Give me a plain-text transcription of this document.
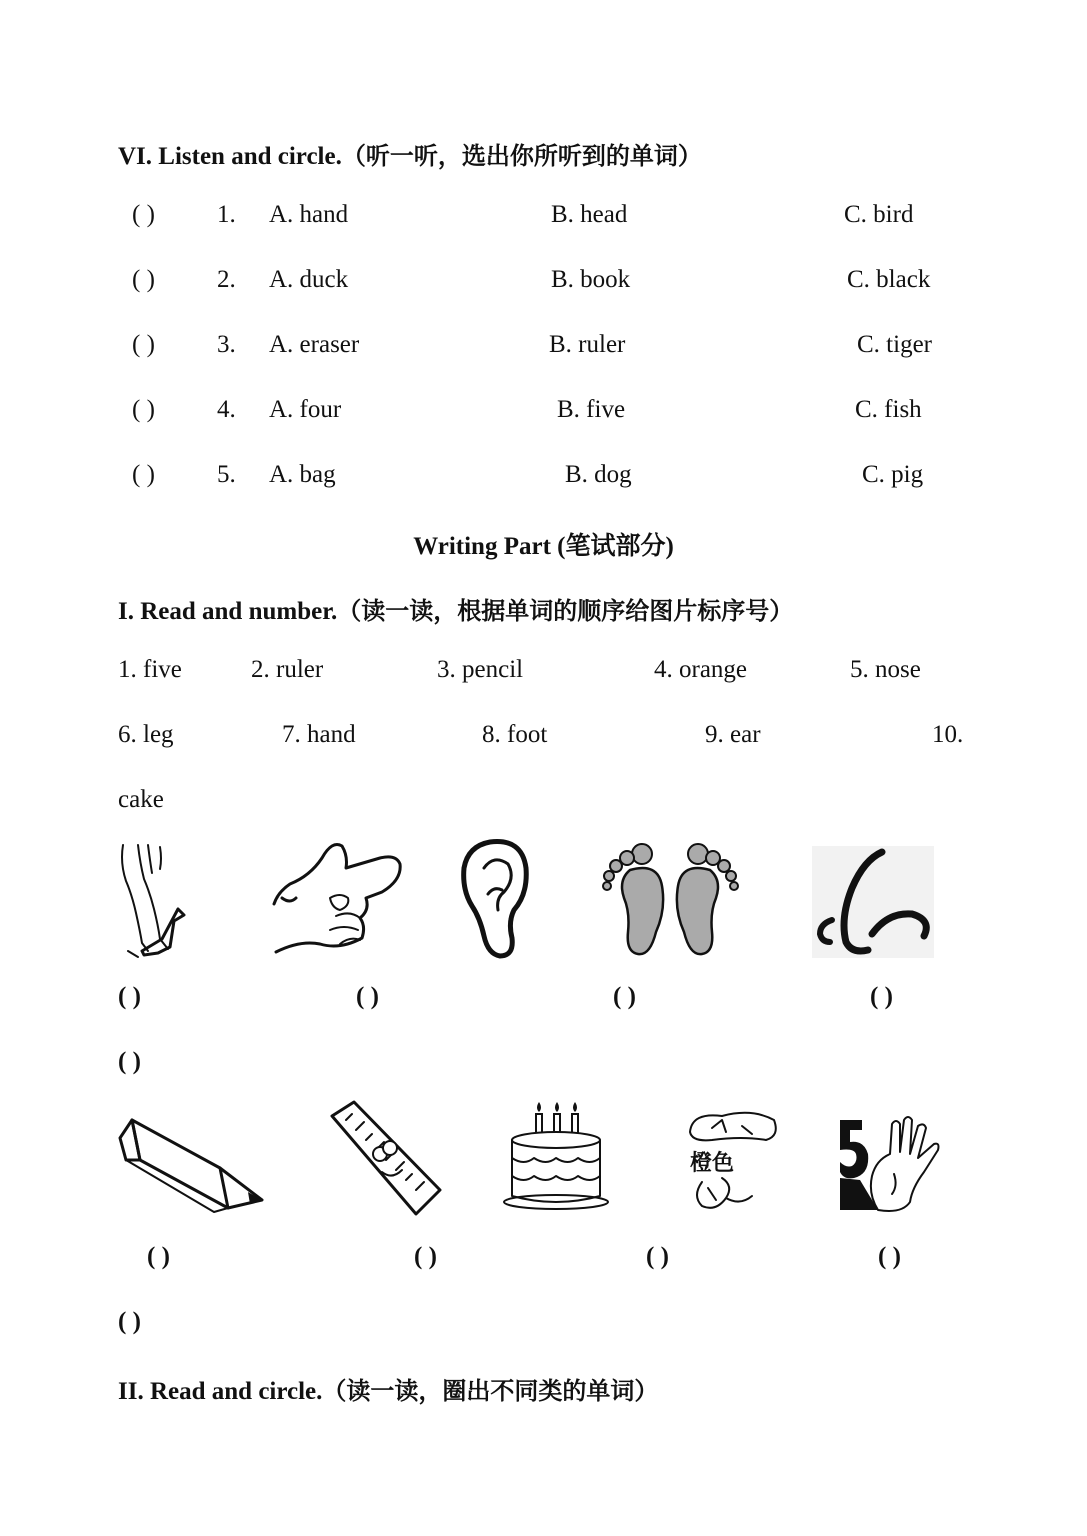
VI. Listen and circle.（听一听，选出你所听到的单词）
( ) 1. A. hand	B. head	C. bird
( ) 2. A. duck	B. book	C. black
( ) 3. A. eraser	B. ruler	C. tiger
( ) 4. A. four	B. five	C. fish
( ) 5. A. bag	B. dog	C. pig
Writing Part (笔试部分)
I. Read and number.（读一读，根据单词的顺序给图片标序号）
1. five	2. ruler	3. pencil	4. orange	5. nose
6. leg	7. hand	8. foot	9. ear	10.
cake
( )	( )	( )	( )
( )
橙色
( )	( )	( )	( )
( )
II. Read and circle.（读一读，圈出不同类的单词）
